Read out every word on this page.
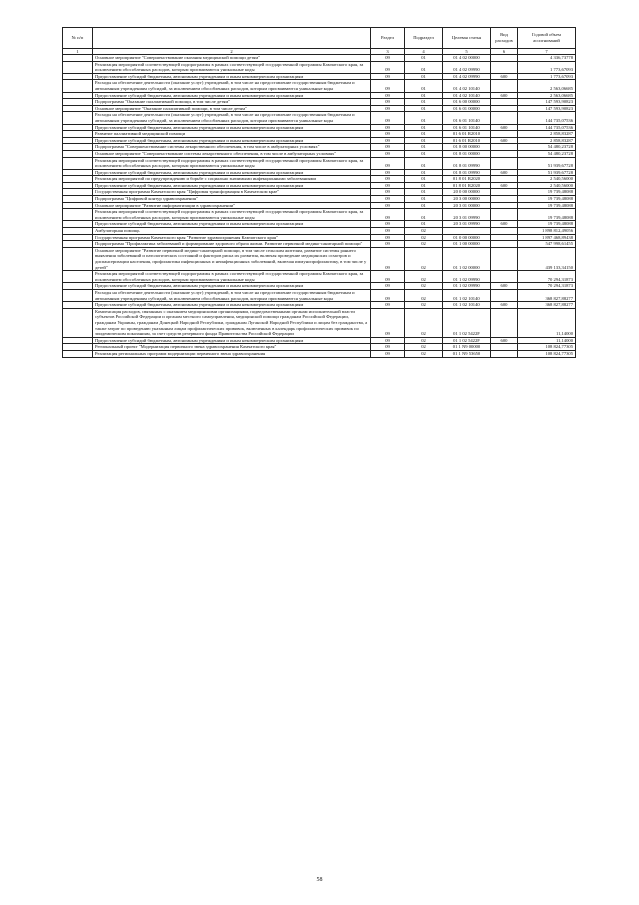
№ п/п		Раздел	Подраздел	Целевая статья	Вид расходов	Годовой объем ассигнований
1	2	3	4	5	6	7
	Основное мероприятие "Совершенствование оказания медицинской помощи детям"	09	01	01 4 02 00000		4 336,73778
	Реализация мероприятий соответствующей подпрограммы в рамках соответствующей государственной программы Камчатского края, за исключением обособленных расходов, которым присваиваются уникальные коды	09	01	01 4 02 09990		1 773,67093
	Предоставление субсидий бюджетным, автономным учреждениям и иным некоммерческим организациям	09	01	01 4 02 09990	600	1 773,67093
	Расходы на обеспечение деятельности (оказание услуг) учреждений, в том числе на предоставление государственным бюджетным и автономным учреждениям субсидий, за исключением обособленных расходов, которым присваиваются уникальные коды	09	01	01 4 02 10140		2 563,06685
	Предоставление субсидий бюджетным, автономным учреждениям и иным некоммерческим организациям	09	01	01 4 02 10140	600	2 563,06685
	Подпрограмма "Оказание паллиативной помощи, в том числе детям"	09	01	01 6 00 00000		147 593,90823
	Основное мероприятие "Оказание паллиативной помощи, в том числе детям"	09	01	01 6 01 00000		147 593,90823
	Расходы на обеспечение деятельности (оказание услуг) учреждений, в том числе на предоставление государственным бюджетным и автономным учреждениям субсидий, за исключением обособленных расходов, которым присваиваются уникальные коды	09	01	01 6 01 10140		144 735,07536
	Предоставление субсидий бюджетным, автономным учреждениям и иным некоммерческим организациям	09	01	01 6 01 10140	600	144 735,07536
	Развитие паллиативной медицинской помощи	09	01	01 6 01 R2010		2 858,83287
	Предоставление субсидий бюджетным, автономным учреждениям и иным некоммерческим организациям	09	01	01 6 01 R2010	600	2 858,83287
	Подпрограмма "Совершенствование системы лекарственного обеспечения, в том числе в амбулаторных условиях"	09	01	01 8 00 00000		54 480,23728
	Основное мероприятие "Совершенствование системы лекарственного обеспечения, в том числе в амбулаторных условиях"	09	01	01 8 01 00000		54 480,23728
	Реализация мероприятий соответствующей подпрограммы в рамках соответствующей государственной программы Камчатского края, за исключением обособленных расходов, которым присваиваются уникальные коды	09	01	01 8 01 09990		51 939,67728
	Предоставление субсидий бюджетным, автономным учреждениям и иным некоммерческим организациям	09	01	01 8 01 09990	600	51 939,67728
	Реализация мероприятий по предупреждению и борьбе с социально значимыми инфекционными заболеваниями	09	01	01 8 01 R2020		2 540,56000
	Предоставление субсидий бюджетным, автономным учреждениям и иным некоммерческим организациям	09	01	01 8 01 R2020	600	2 540,56000
	Государственная программа Камчатского края "Цифровая трансформация в Камчатском крае"	09	01	20 0 00 00000		19 739,48088
	Подпрограмма "Цифровой контур здравоохранения"	09	01	20 3 00 00000		19 739,48088
	Основное мероприятие "Развитие информатизации в здравоохранении"	09	01	20 3 01 00000		19 739,48088
	Реализация мероприятий соответствующей подпрограммы в рамках соответствующей государственной программы Камчатского края, за исключением обособленных расходов, которым присваиваются уникальные коды	09	01	20 3 01 09990		19 739,48088
	Предоставление субсидий бюджетным, автономным учреждениям и иным некоммерческим организациям	09	01	20 3 01 09990	600	19 739,48088
	Амбулаторная помощь	09	02			1 898 812,49056
	Государственная программа Камчатского края "Развитие здравоохранения Камчатского края"	09	02	01 0 00 00000		1 897 468,89438
	Подпрограмма "Профилактика заболеваний и формирование здорового образа жизни. Развитие первичной медико-санитарной помощи"	09	02	01 1 00 00000		547 998,61455
	Основное мероприятие "Развитие первичной медико-санитарной помощи, в том числе сельским жителям, развитие системы раннего выявления заболеваний и патологических состояний и факторов риска их развития, включая проведение медицинских осмотров и диспансеризации населения, профилактика инфекционных и неинфекционных заболеваний, включая иммунопрофилактику, в том числе у детей"	09	02	01 1 02 00000		439 133,34150
	Реализация мероприятий соответствующей подпрограммы в рамках соответствующей государственной программы Камчатского края, за исключением обособленных расходов, которым присваиваются уникальные коды	09	02	01 1 02 09990		70 294,31873
	Предоставление субсидий бюджетным, автономным учреждениям и иным некоммерческим организациям	09	02	01 1 02 09990	600	70 294,31873
	Расходы на обеспечение деятельности (оказание услуг) учреждений, в том числе на предоставление государственным бюджетным и автономным учреждениям субсидий, за исключением обособленных расходов, которым присваиваются уникальные коды	09	02	01 1 02 10140		368 827,88277
	Предоставление субсидий бюджетным, автономным учреждениям и иным некоммерческим организациям	09	02	01 1 02 10140	600	368 827,88277
	Компенсация расходов, связанных с оказанием медицинскими организациями, подведомственными органам исполнительной власти субъектов Российской Федерации и органам местного самоуправления, медицинской помощи гражданам Российской Федерации, гражданам Украины, гражданам Донецкой Народной Республики, гражданам Луганской Народной Республики и лицам без гражданства, а также затрат по проведению указанным лицам профилактических прививок, включенных в календарь профилактических прививок по эпидемическим показаниям, за счет средств резервного фонда Правительства Российской Федерации	09	02	01 1 02 5422F		11,14000
	Предоставление субсидий бюджетным, автономным учреждениям и иным некоммерческим организациям	09	02	01 1 02 5422F	600	11,14000
	Региональный проект "Модернизация первичного звена здравоохранения Камчатского края"	09	02	01 1 N9 00000		108 824,77305
	Реализация региональных программ модернизации первичного звена здравоохранения	09	02	01 1 N9 53650		108 824,77305
58
